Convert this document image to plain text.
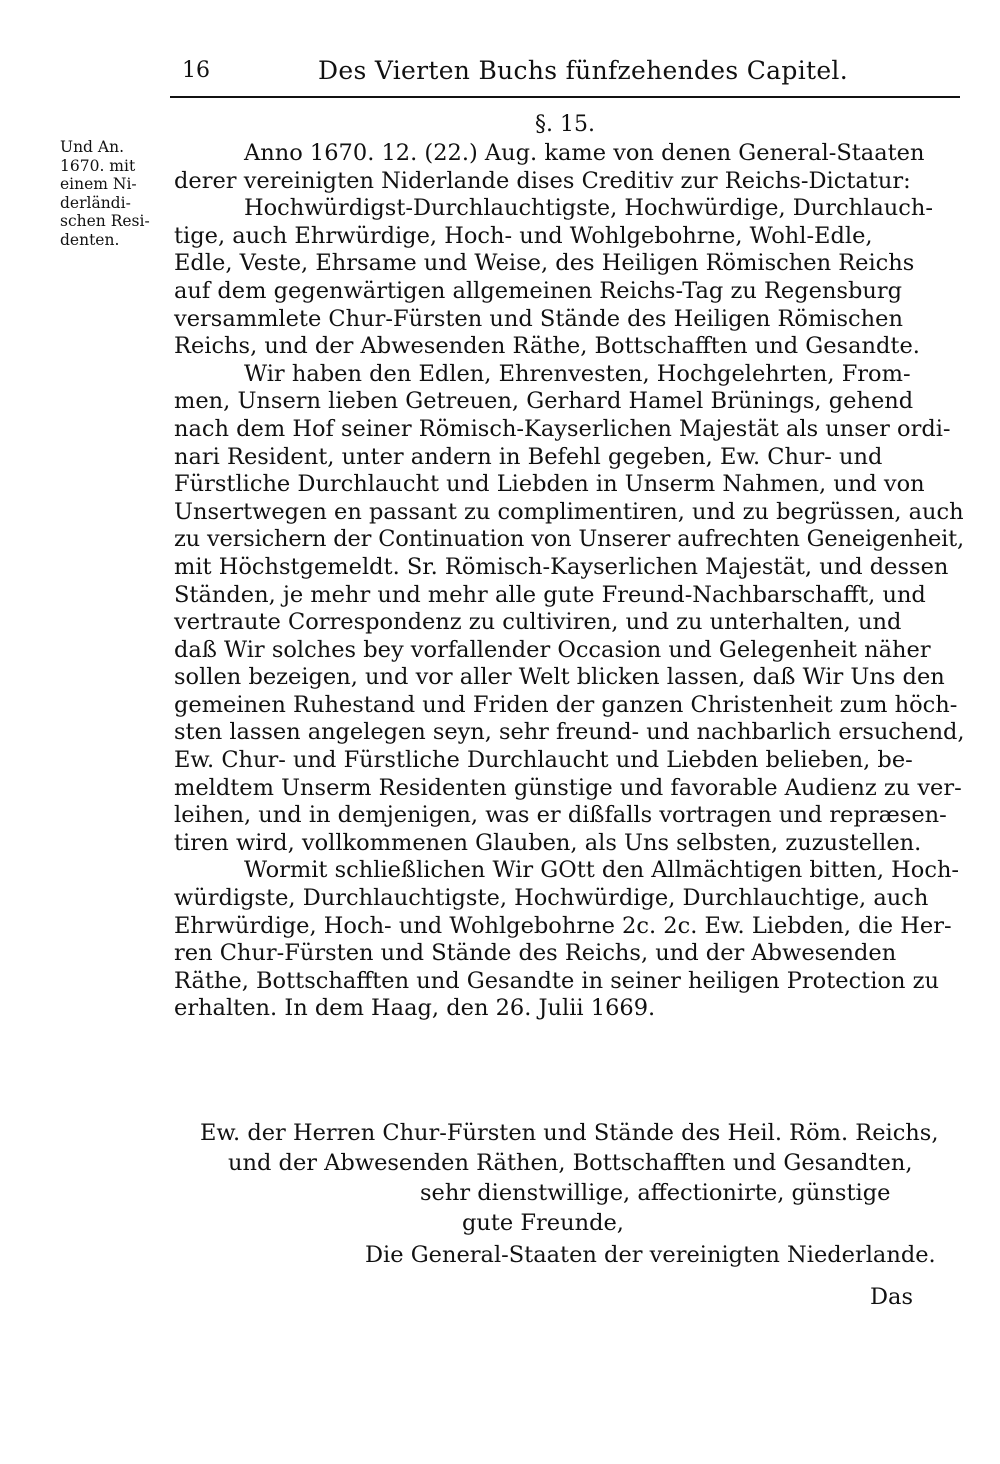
16	Des Vierten Buchs fünfzehendes Capitel.
§. 15.
Und An.
1670. mit
einem Ni-
derländi-
schen Resi-
denten.
Anno 1670. 12. (22.) Aug. kame von denen General-Staaten
derer vereinigten Niderlande dises Creditiv zur Reichs-Dictatur:
Hochwürdigst-Durchlauchtigste, Hochwürdige, Durchlauch-
tige, auch Ehrwürdige, Hoch- und Wohlgebohrne, Wohl-Edle,
Edle, Veste, Ehrsame und Weise, des Heiligen Römischen Reichs
auf dem gegenwärtigen allgemeinen Reichs-Tag zu Regensburg
versammlete Chur-Fürsten und Stände des Heiligen Römischen
Reichs, und der Abwesenden Räthe, Bottschafften und Gesandte.
Wir haben den Edlen, Ehrenvesten, Hochgelehrten, From-
men, Unsern lieben Getreuen, Gerhard Hamel Brünings, gehend
nach dem Hof seiner Römisch-Kayserlichen Majestät als unser ordi-
nari Resident, unter andern in Befehl gegeben, Ew. Chur- und
Fürstliche Durchlaucht und Liebden in Unserm Nahmen, und von
Unsertwegen en passant zu complimentiren, und zu begrüssen, auch
zu versichern der Continuation von Unserer aufrechten Geneigenheit,
mit Höchstgemeldt. Sr. Römisch-Kayserlichen Majestät, und dessen
Ständen, je mehr und mehr alle gute Freund-Nachbarschafft, und
vertraute Correspondenz zu cultiviren, und zu unterhalten, und
daß Wir solches bey vorfallender Occasion und Gelegenheit näher
sollen bezeigen, und vor aller Welt blicken lassen, daß Wir Uns den
gemeinen Ruhestand und Friden der ganzen Christenheit zum höch-
sten lassen angelegen seyn, sehr freund- und nachbarlich ersuchend,
Ew. Chur- und Fürstliche Durchlaucht und Liebden belieben, be-
meldtem Unserm Residenten günstige und favorable Audienz zu ver-
leihen, und in demjenigen, was er dißfalls vortragen und repræsen-
tiren wird, vollkommenen Glauben, als Uns selbsten, zuzustellen.
Wormit schließlichen Wir GOtt den Allmächtigen bitten, Hoch-
würdigste, Durchlauchtigste, Hochwürdige, Durchlauchtige, auch
Ehrwürdige, Hoch- und Wohlgebohrne 2c. 2c. Ew. Liebden, die Her-
ren Chur-Fürsten und Stände des Reichs, und der Abwesenden
Räthe, Bottschafften und Gesandte in seiner heiligen Protection zu
erhalten. In dem Haag, den 26. Julii 1669.
Ew. der Herren Chur-Fürsten und Stände des Heil. Röm. Reichs,
und der Abwesenden Räthen, Bottschafften und Gesandten,
sehr dienstwillige, affectionirte, günstige
gute Freunde,
Die General-Staaten der vereinigten Niederlande.
Das
